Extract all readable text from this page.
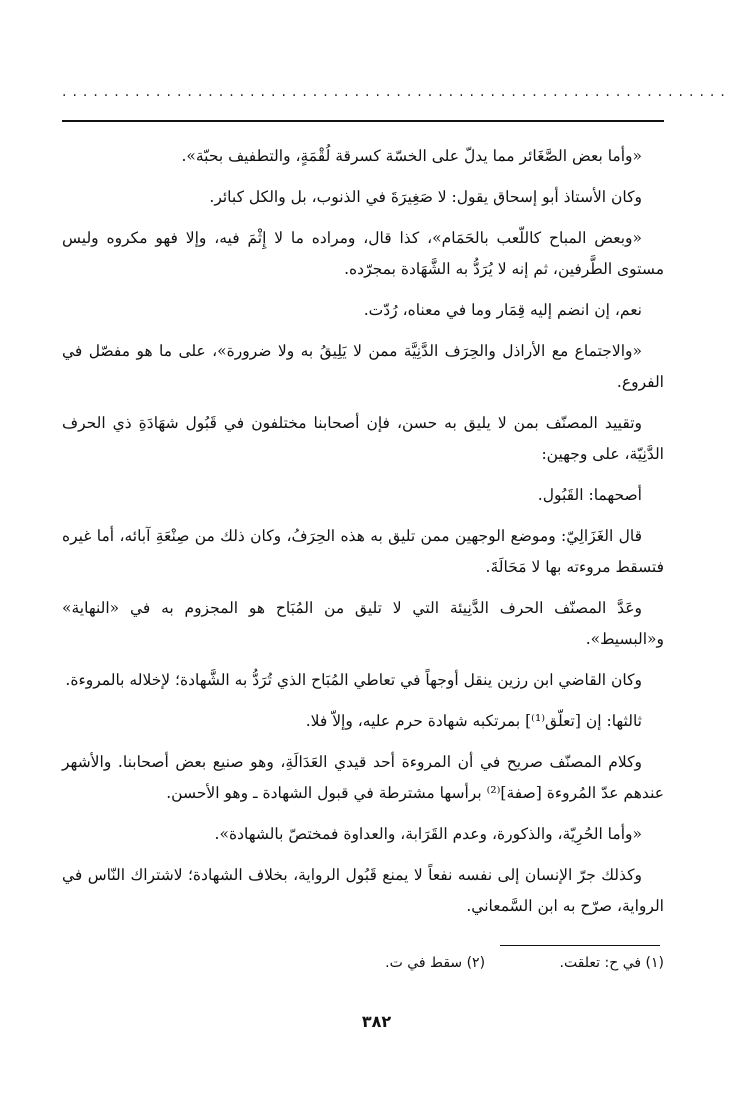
................................................................

«وأما بعض الصَّغَائر مما يدلّ على الخسّة كسرقة لُقْمَةٍ، والتطفيف بحبّة».

وكان الأستاذ أبو إسحاق يقول: لا صَغِيرَةَ في الذنوب، بل والكل كبائر.

«وبعض المباح كاللّعب بالحَمَام»، كذا قال، ومراده ما لا إِثْمَ فيه، وإلا فهو مكروه وليس مستوى الطَّرفين، ثم إنه لا يُرَدُّ به الشَّهَادة بمجرّده.

نعم، إن انضم إليه قِمَار وما في معناه، رُدّت.

«والاجتماع مع الأراذل والحِرَف الدَّنِيَّة ممن لا يَلِيقُ به ولا ضرورة»، على ما هو مفصّل في الفروع.

وتقييد المصنّف بمن لا يليق به حسن، فإن أصحابنا مختلفون في قَبُول شهَادَةِ ذي الحرف الدَّنِيّة، على وجهين:

أصحهما: القَبُول.

قال الغَزَالِيّ: وموضع الوجهين ممن تليق به هذه الحِرَفُ، وكان ذلك من صِنْعَةِ آبائه، أما غيره فتسقط مروءته بها لا مَحَالَةَ.

وعَدَّ المصنّف الحرف الدَّنِيئة التي لا تليق من المُبَاح هو المجزوم به في «النهاية» و«البسيط».

وكان القاضي ابن رزين ينقل أوجهاً في تعاطي المُبَاح الذي تُرَدُّ به الشَّهادة؛ لإخلاله بالمروءة.

ثالثها: إن [تعلّق⁽¹⁾] بمرتكبه شهادة حرم عليه، وإلاّ فلا.

وكلام المصنّف صريح في أن المروءة أحد قيدي العَدَالَةِ، وهو صنيع بعض أصحابنا. والأشهر عندهم عدّ المُروءة [صفة]⁽²⁾ برأسها مشترطة في قبول الشهادة ـ وهو الأحسن.

«وأما الحُرِيّة، والذكورة، وعدم القَرَابة، والعداوة فمختصّ بالشهادة».

وكذلك جرّ الإنسان إلى نفسه نفعاً لا يمنع قَبُول الرواية، بخلاف الشهادة؛ لاشتراك النّاس في الرواية، صرّح به ابن السَّمعاني.

(١) في ح: تعلقت. (٢) سقط في ت.
٣٨٢
